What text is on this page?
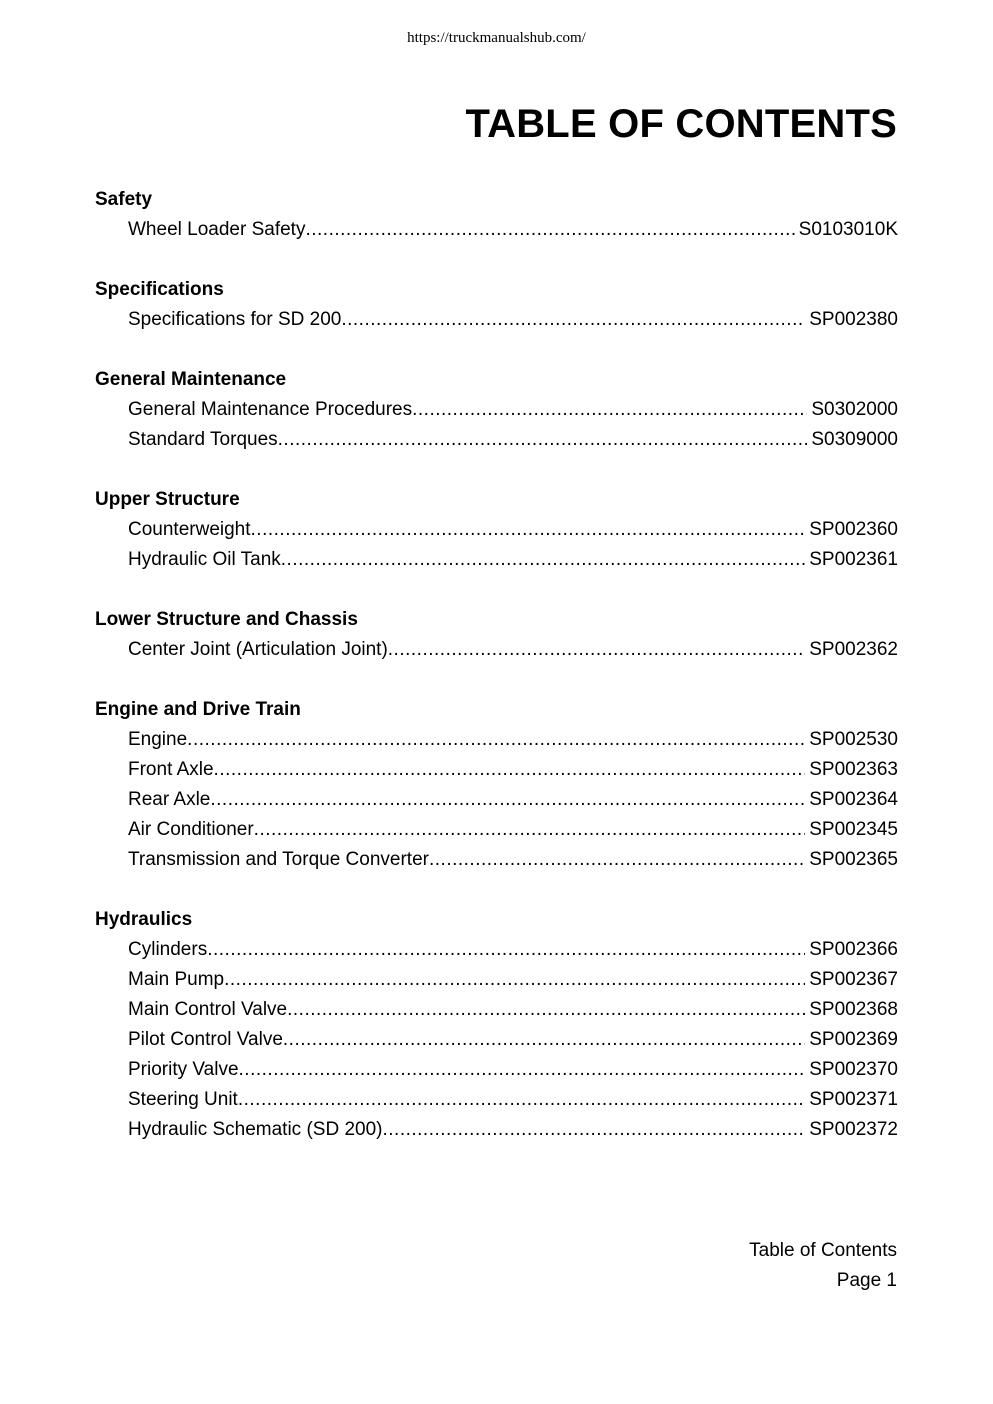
https://truckmanualshub.com/
TABLE OF CONTENTS
Safety
Wheel Loader Safety .....	S0103010K
Specifications
Specifications for SD 200 .....	SP002380
General Maintenance
General Maintenance Procedures .....	S0302000
Standard Torques .....	S0309000
Upper Structure
Counterweight .....	SP002360
Hydraulic Oil Tank .....	SP002361
Lower Structure and Chassis
Center Joint (Articulation Joint) .....	SP002362
Engine and Drive Train
Engine .....	SP002530
Front Axle .....	SP002363
Rear Axle .....	SP002364
Air Conditioner .....	SP002345
Transmission and Torque Converter .....	SP002365
Hydraulics
Cylinders .....	SP002366
Main Pump .....	SP002367
Main Control Valve .....	SP002368
Pilot Control Valve .....	SP002369
Priority Valve .....	SP002370
Steering Unit .....	SP002371
Hydraulic Schematic (SD 200) .....	SP002372
Table of Contents
Page 1
